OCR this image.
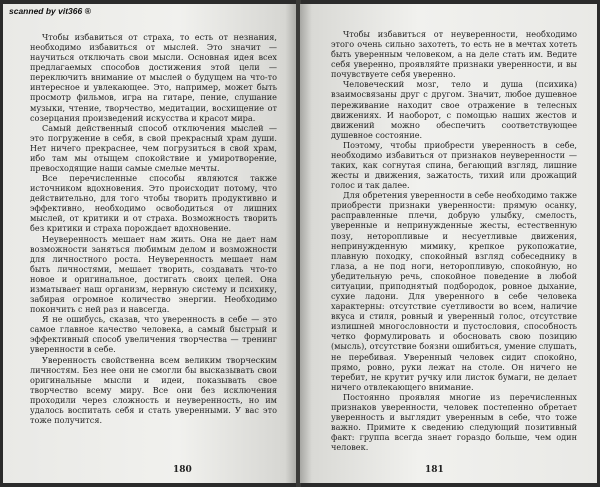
scanned by vit366 ®

Чтобы избавиться от страха, то есть от незнания, необходимо избавиться от мыслей. Это значит — научиться отключать свои мысли. Основная идея всех предлагаемых способов достижения этой цели — переключить внимание от мыслей о будущем на что-то интересное и увлекающее. Это, например, может быть просмотр фильмов, игра на гитаре, пение, слушание музыки, чтение, творчество, медитации, восхищение от созерцания произведений искусства и красот мира.

Самый действенный способ отключения мыслей — это погружение в себя, в свой прекрасный храм души. Нет ничего прекраснее, чем погрузиться в свой храм, ибо там мы отыщем спокойствие и умиротворение, превосходящие наши самые смелые мечты.

Все перечисленные способы являются также источником вдохновения. Это происходит потому, что действительно, для того чтобы творить продуктивно и эффективно, необходимо освободиться от лишних мыслей, от критики и от страха. Возможность творить без критики и страха порождает вдохновение.

Неуверенность мешает нам жить. Она не дает нам возможности заняться любимым делом и возможности для личностного роста. Неуверенность мешает нам быть личностями, мешает творить, создавать что-то новое и оригинальное, достигать своих целей. Она изматывает наш организм, нервную систему и психику, забирая огромное количество энергии. Необходимо покончить с ней раз и навсегда.

Я не ошибусь, сказав, что уверенность в себе — это самое главное качество человека, а самый быстрый и эффективный способ увеличения творчества — тренинг уверенности в себе.

Уверенность свойственна всем великим творческим личностям. Без нее они не смогли бы высказывать свои оригинальные мысли и идеи, показывать свое творчество всему миру. Все они без исключения проходили через сложность и неуверенность, но им удалось воспитать себя и стать уверенными. У вас это тоже получится.

180

Чтобы избавиться от неуверенности, необходимо этого очень сильно захотеть, то есть не в мечтах хотеть быть уверенным человеком, а на деле стать им. Ведите себя уверенно, проявляйте признаки уверенности, и вы почувствуете себя уверенно.

Человеческий мозг, тело и душа (психика) взаимосвязаны друг с другом. Значит, любое душевное переживание находит свое отражение в телесных движениях. И наоборот, с помощью наших жестов и движений можно обеспечить соответствующее душевное состояние.

Поэтому, чтобы приобрести уверенность в себе, необходимо избавиться от признаков неуверенности — таких, как согнутая спина, бегающий взгляд, лишние жесты и движения, зажатость, тихий или дрожащий голос и так далее.

Для обретения уверенности в себе необходимо также приобрести признаки уверенности: прямую осанку, расправленные плечи, добрую улыбку, смелость, уверенные и непринужденные жесты, естественную позу, неторопливые и несуетливые движения, непринужденную мимику, крепкое рукопожатие, плавную походку, спокойный взгляд собеседнику в глаза, а не под ноги, неторопливую, спокойную, но убедительную речь, спокойное поведение в любой ситуации, приподнятый подбородок, ровное дыхание, сухие ладони. Для уверенного в себе человека характерны: отсутствие суетливости во всем, наличие вкуса и стиля, ровный и уверенный голос, отсутствие излишней многословности и пустословия, способность четко формулировать и обосновать свою позицию (мысль), отсутствие боязни ошибиться, умение слушать, не перебивая. Уверенный человек сидит спокойно, прямо, ровно, руки лежат на столе. Он ничего не теребит, не крутит ручку или листок бумаги, не делает ничего отвлекающего внимание.

Постоянно проявляя многие из перечисленных признаков уверенности, человек постепенно обретает уверенность и выглядит уверенным в себе, что тоже важно. Примите к сведению следующий позитивный факт: группа всегда знает гораздо больше, чем один человек.

181
